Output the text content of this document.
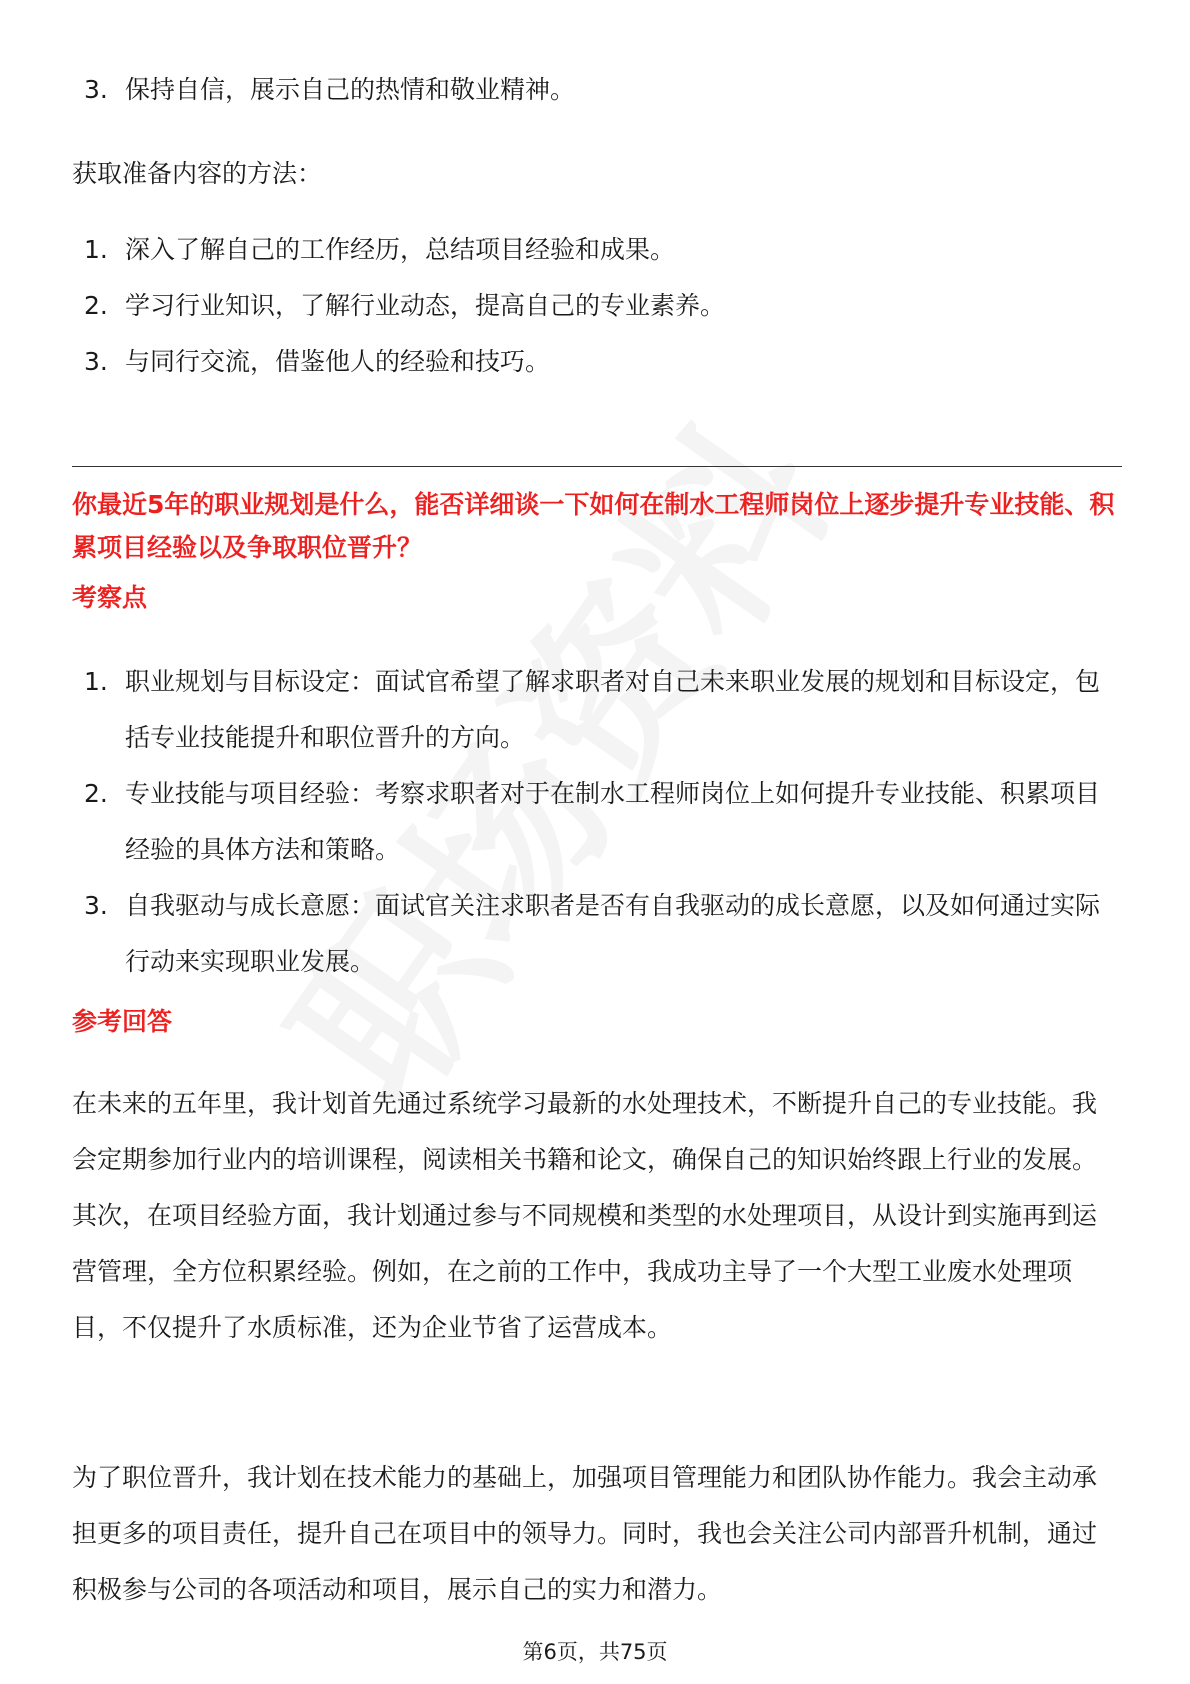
3. 保持自信，展示自己的热情和敬业精神。
获取准备内容的方法：
1. 深入了解自己的工作经历，总结项目经验和成果。
2. 学习行业知识，了解行业动态，提高自己的专业素养。
3. 与同行交流，借鉴他人的经验和技巧。
你最近5年的职业规划是什么，能否详细谈一下如何在制水工程师岗位上逐步提升专业技能、积累项目经验以及争取职位晋升？
考察点
1. 职业规划与目标设定：面试官希望了解求职者对自己未来职业发展的规划和目标设定，包括专业技能提升和职位晋升的方向。
2. 专业技能与项目经验：考察求职者对于在制水工程师岗位上如何提升专业技能、积累项目经验的具体方法和策略。
3. 自我驱动与成长意愿：面试官关注求职者是否有自我驱动的成长意愿，以及如何通过实际行动来实现职业发展。
参考回答
在未来的五年里，我计划首先通过系统学习最新的水处理技术，不断提升自己的专业技能。我会定期参加行业内的培训课程，阅读相关书籍和论文，确保自己的知识始终跟上行业的发展。其次，在项目经验方面，我计划通过参与不同规模和类型的水处理项目，从设计到实施再到运营管理，全方位积累经验。例如，在之前的工作中，我成功主导了一个大型工业废水处理项目，不仅提升了水质标准，还为企业节省了运营成本。
为了职位晋升，我计划在技术能力的基础上，加强项目管理能力和团队协作能力。我会主动承担更多的项目责任，提升自己在项目中的领导力。同时，我也会关注公司内部晋升机制，通过积极参与公司的各项活动和项目，展示自己的实力和潜力。
第6页，共75页
